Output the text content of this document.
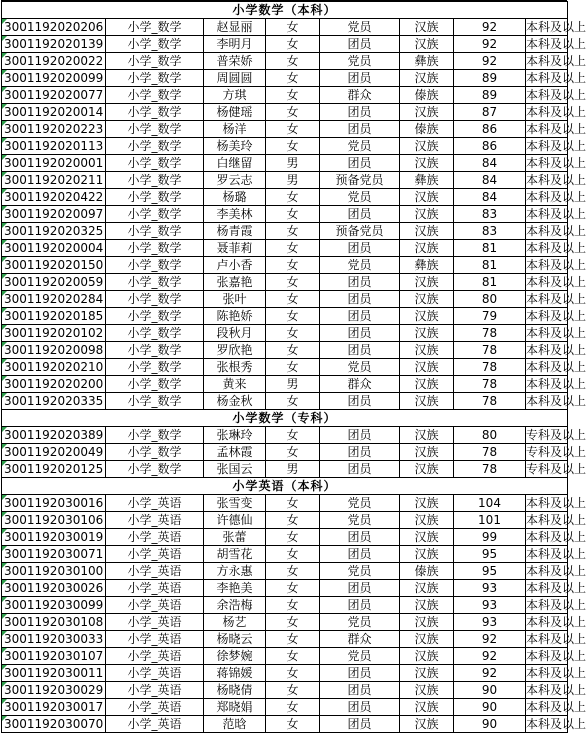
小学数学（本科）							
3001192020206	小学_数学	赵显丽	女	党员	汉族	92	本科及以上
3001192020139	小学_数学	李明月	女	团员	汉族	92	本科及以上
3001192020022	小学_数学	普荣娇	女	党员	彝族	92	本科及以上
3001192020099	小学_数学	周圆圆	女	团员	汉族	89	本科及以上
3001192020077	小学_数学	方琪	女	群众	傣族	89	本科及以上
3001192020014	小学_数学	杨健瑶	女	团员	汉族	87	本科及以上
3001192020223	小学_数学	杨洋	女	团员	傣族	86	本科及以上
3001192020113	小学_数学	杨美玲	女	党员	汉族	86	本科及以上
3001192020001	小学_数学	白继留	男	团员	汉族	84	本科及以上
3001192020211	小学_数学	罗云志	男	预备党员	彝族	84	本科及以上
3001192020422	小学_数学	杨璐	女	党员	汉族	84	本科及以上
3001192020097	小学_数学	李美林	女	团员	汉族	83	本科及以上
3001192020325	小学_数学	杨青霞	女	预备党员	汉族	83	本科及以上
3001192020004	小学_数学	聂菲莉	女	团员	汉族	81	本科及以上
3001192020150	小学_数学	卢小香	女	党员	彝族	81	本科及以上
3001192020059	小学_数学	张嘉艳	女	团员	汉族	81	本科及以上
3001192020284	小学_数学	张叶	女	团员	汉族	80	本科及以上
3001192020185	小学_数学	陈艳娇	女	团员	汉族	79	本科及以上
3001192020102	小学_数学	段秋月	女	团员	汉族	78	本科及以上
3001192020098	小学_数学	罗欣艳	女	团员	汉族	78	本科及以上
3001192020210	小学_数学	张根秀	女	党员	汉族	78	本科及以上
3001192020200	小学_数学	黄来	男	群众	汉族	78	本科及以上
3001192020335	小学_数学	杨金秋	女	团员	汉族	78	本科及以上
小学数学（专科）							
3001192020389	小学_数学	张琳玲	女	团员	汉族	80	专科及以上
3001192020049	小学_数学	孟林霞	女	团员	汉族	78	专科及以上
3001192020125	小学_数学	张国云	男	团员	汉族	78	专科及以上
小学英语（本科）							
3001192030016	小学_英语	张雪变	女	党员	汉族	104	本科及以上
3001192030106	小学_英语	许德仙	女	党员	汉族	101	本科及以上
3001192030019	小学_英语	张蕾	女	团员	汉族	99	本科及以上
3001192030071	小学_英语	胡雪花	女	团员	汉族	95	本科及以上
3001192030100	小学_英语	方永惠	女	党员	傣族	95	本科及以上
3001192030026	小学_英语	李艳美	女	团员	汉族	93	本科及以上
3001192030099	小学_英语	余浩梅	女	团员	汉族	93	本科及以上
3001192030108	小学_英语	杨艺	女	党员	汉族	93	本科及以上
3001192030033	小学_英语	杨晓云	女	群众	汉族	92	本科及以上
3001192030107	小学_英语	徐梦婉	女	党员	汉族	92	本科及以上
3001192030011	小学_英语	蒋锦媛	女	团员	汉族	92	本科及以上
3001192030029	小学_英语	杨晓倩	女	团员	汉族	90	本科及以上
3001192030017	小学_英语	郑晓娟	女	团员	汉族	90	本科及以上
3001192030070	小学_英语	范晗	女	团员	汉族	90	本科及以上
